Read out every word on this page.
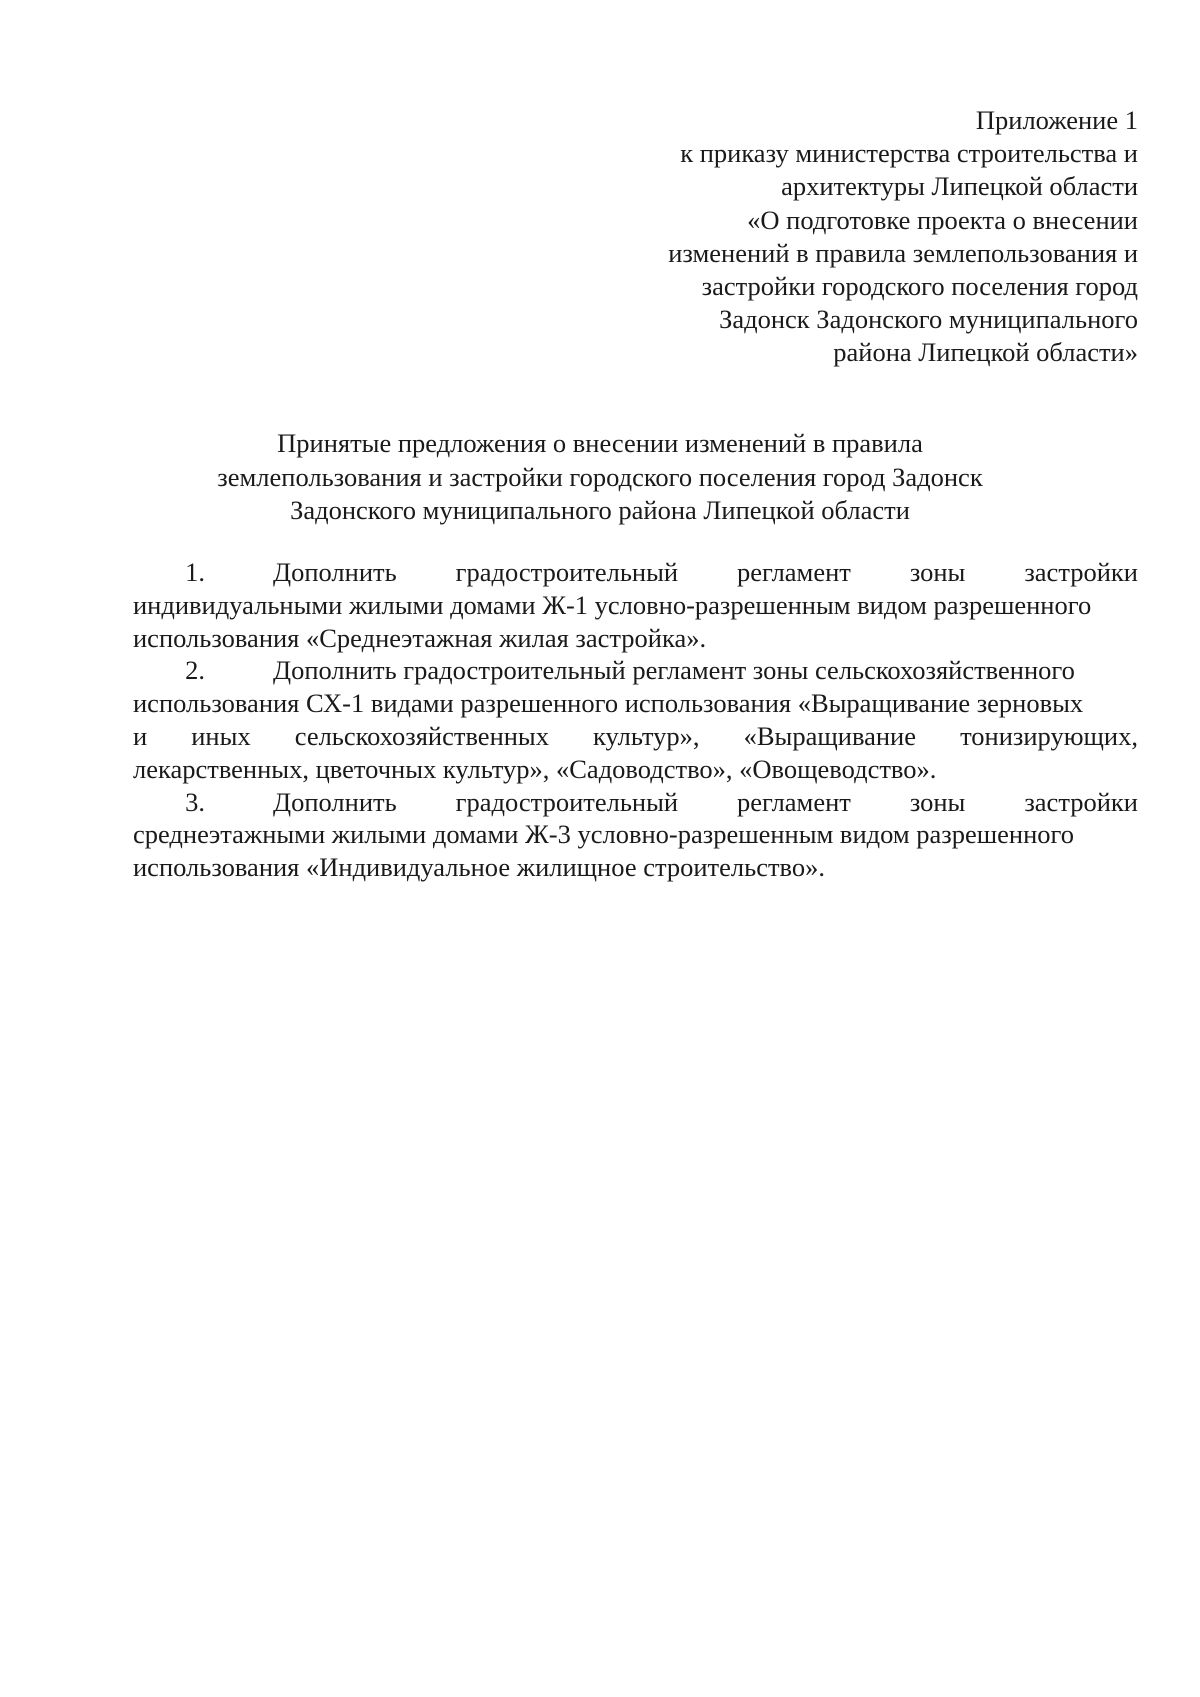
Приложение 1
к приказу министерства строительства и
архитектуры Липецкой области
«О подготовке проекта о внесении
изменений в правила землепользования и
застройки городского поселения город
Задонск Задонского муниципального
района Липецкой области»
Принятые предложения о внесении изменений в правила
землепользования и застройки городского поселения город Задонск
Задонского муниципального района Липецкой области
1.	Дополнить градостроительный регламент зоны застройки
индивидуальными жилыми домами Ж-1 условно-разрешенным видом разрешенного
использования «Среднеэтажная жилая застройка».
2.	Дополнить градостроительный регламент зоны сельскохозяйственного
использования СХ-1 видами разрешенного использования «Выращивание зерновых
и иных сельскохозяйственных культур», «Выращивание тонизирующих,
лекарственных, цветочных культур», «Садоводство», «Овощеводство».
3.	Дополнить градостроительный регламент зоны застройки
среднеэтажными жилыми домами Ж-3 условно-разрешенным видом разрешенного
использования «Индивидуальное жилищное строительство».
